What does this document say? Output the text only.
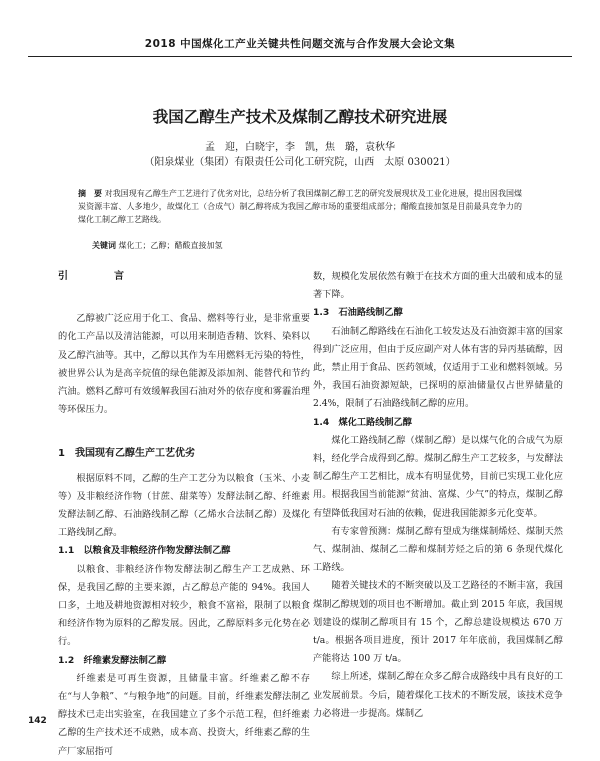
2018 中国煤化工产业关键共性问题交流与合作发展大会论文集
我国乙醇生产技术及煤制乙醇技术研究进展
孟　迎，白晓宇，李　凯，焦　璐，袁秋华
（阳泉煤业（集团）有限责任公司化工研究院，山西　太原 030021）
摘　要 对我国现有乙醇生产工艺进行了优劣对比，总结分析了我国煤制乙醇工艺的研究发展现状及工业化进展，提出因我国煤炭资源丰富、人多地少，故煤化工（合成气）制乙醇将成为我国乙醇市场的重要组成部分；醋酸直接加氢是目前最具竞争力的煤化工制乙醇工艺路线。
关键词 煤化工；乙醇；醋酸直接加氢
引　言

乙醇被广泛应用于化工、食品、燃料等行业，是非常重要的化工产品以及清洁能源，可以用来制造香精、饮料、染料以及乙醇汽油等。其中，乙醇以其作为车用燃料无污染的特性，被世界公认为是高辛烷值的绿色能源及添加剂、能替代和节约汽油。燃料乙醇可有效缓解我国石油对外的依存度和雾霾治理等环保压力。

1　我国现有乙醇生产工艺优劣

根据原料不同，乙醇的生产工艺分为以粮食（玉米、小麦等）及非粮经济作物（甘蔗、甜菜等）发酵法制乙醇、纤维素发酵法制乙醇、石油路线制乙醇（乙烯水合法制乙醇）及煤化工路线制乙醇。

1.1　以粮食及非粮经济作物发酵法制乙醇

以粮食、非粮经济作物发酵法制乙醇生产工艺成熟、环保，是我国乙醇的主要来源，占乙醇总产能的 94%。我国人口多，土地及耕地资源相对较少，粮食不富裕，限制了以粮食和经济作物为原料的乙醇发展。因此，乙醇原料多元化势在必行。

1.2　纤维素发酵法制乙醇

纤维素是可再生资源，且储量丰富。纤维素乙醇不存在“与人争粮”、“与粮争地”的问题。目前，纤维素发酵法制乙醇技术已走出实验室，在我国建立了多个示范工程，但纤维素乙醇的生产技术还不成熟，成本高、投资大，纤维素乙醇的生产厂家屈指可

数，规模化发展依然有赖于在技术方面的重大出破和成本的显著下降。

1.3　石油路线制乙醇

石油制乙醇路线在石油化工较发达及石油资源丰富的国家得到广泛应用，但由于反应副产对人体有害的异丙基硫醇，因此，禁止用于食品、医药领域，仅适用于工业和燃料领域。另外，我国石油资源短缺，已探明的原油储量仅占世界储量的 2.4%，限制了石油路线制乙醇的应用。

1.4　煤化工路线制乙醇

煤化工路线制乙醇（煤制乙醇）是以煤气化的合成气为原料，经化学合成得到乙醇。煤制乙醇生产工艺较多，与发酵法制乙醇生产工艺相比，成本有明显优势，目前已实现工业化应用。根据我国当前能源“贫油、富煤、少气”的特点，煤制乙醇有望降低我国对石油的依赖，促进我国能源多元化变革。

有专家曾预测：煤制乙醇有望成为继煤制烯烃、煤制天然气、煤制油、煤制乙二醇和煤制芳烃之后的第 6 条现代煤化工路线。

随着关键技术的不断突破以及工艺路径的不断丰富，我国煤制乙醇规划的项目也不断增加。截止到 2015 年底，我国规划建设的煤制乙醇项目有 15 个，乙醇总建设规模达 670 万 t/a。根据各项目进度，预计 2017 年年底前，我国煤制乙醇产能将达 100 万 t/a。

综上所述，煤制乙醇在众多乙醇合成路线中具有良好的工业发展前景。今后，随着煤化工技术的不断发展，该技术竞争力必将进一步提高。煤制乙

142
